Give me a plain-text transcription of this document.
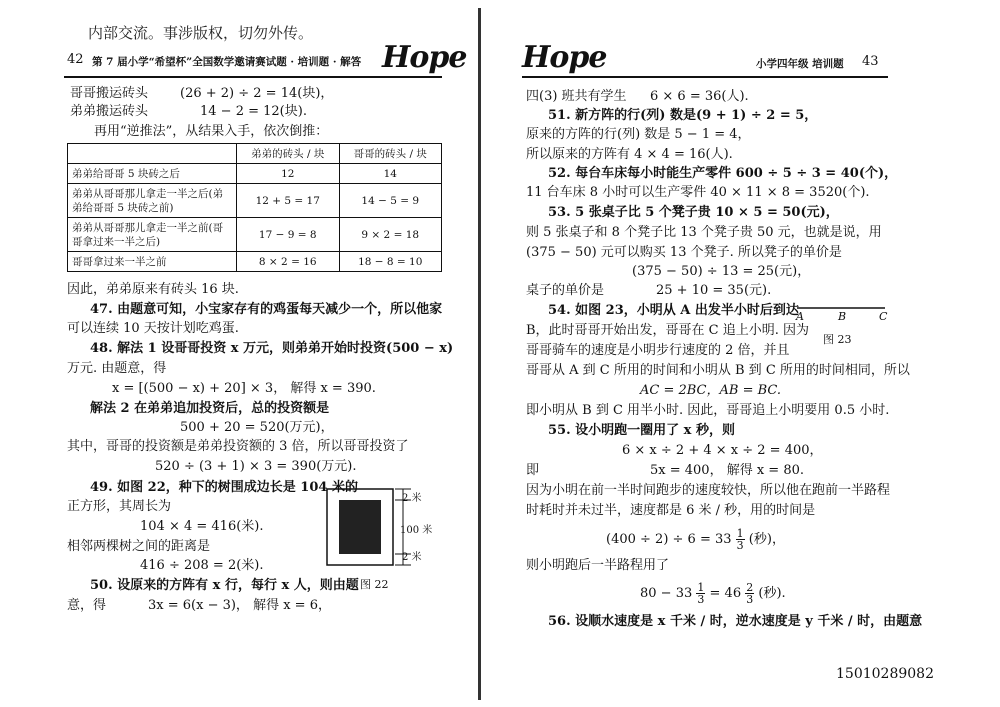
内部交流。事涉版权，切勿外传。
42 第 7 届小学“希望杯”全国数学邀请赛试题 · 培训题 · 解答 Hope
哥哥搬运砖头 (26 + 2) ÷ 2 = 14(块)，
弟弟搬运砖头	14 − 2 = 12(块).
再用“逆推法”，从结果入手，依次倒推：
	弟弟的砖头 / 块	哥哥的砖头 / 块
弟弟给哥哥 5 块砖之后	12	14
弟弟从哥哥那儿拿走一半之后(弟弟给哥哥 5 块砖之前)	12 + 5 = 17	14 − 5 = 9
弟弟从哥哥那儿拿走一半之前(哥哥拿过来一半之后)	17 − 9 = 8	9 × 2 = 18
哥哥拿过来一半之前	8 × 2 = 16	18 − 8 = 10
因此，弟弟原来有砖头 16 块.
47. 由题意可知，小宝家存有的鸡蛋每天减少一个，所以他家
可以连续 10 天按计划吃鸡蛋.
48. 解法 1 设哥哥投资 x 万元，则弟弟开始时投资(500 − x)
万元. 由题意，得
x = [(500 − x) + 20] × 3， 解得 x = 390.
解法 2 在弟弟追加投资后，总的投资额是
500 + 20 = 520(万元)，
其中，哥哥的投资额是弟弟投资额的 3 倍，所以哥哥投资了
520 ÷ (3 + 1) × 3 = 390(万元).
49. 如图 22，种下的树围成边长是 104 米的
正方形，其周长为
104 × 4 = 416(米).
相邻两棵树之间的距离是
416 ÷ 208 = 2(米).
50. 设原来的方阵有 x 行，每行 x 人，则由题
意，得	3x = 6(x − 3)， 解得 x = 6，
2 米
100 米
2 米
图 22
Hope	小学四年级 培训题 43
四(3) 班共有学生 6 × 6 = 36(人).
51. 新方阵的行(列) 数是(9 + 1) ÷ 2 = 5，
原来的方阵的行(列) 数是 5 − 1 = 4，
所以原来的方阵有 4 × 4 = 16(人).
52. 每台车床每小时能生产零件 600 ÷ 5 ÷ 3 = 40(个)，
11 台车床 8 小时可以生产零件 40 × 11 × 8 = 3520(个).
53. 5 张桌子比 5 个凳子贵 10 × 5 = 50(元)，
则 5 张桌子和 8 个凳子比 13 个凳子贵 50 元，也就是说，用
(375 − 50) 元可以购买 13 个凳子. 所以凳子的单价是
(375 − 50) ÷ 13 = 25(元)，
桌子的单价是	25 + 10 = 35(元).
54. 如图 23，小明从 A 出发半小时后到达
B，此时哥哥开始出发，哥哥在 C 追上小明. 因为
哥哥骑车的速度是小明步行速度的 2 倍，并且
A	B	C
图 23
哥哥从 A 到 C 所用的时间和小明从 B 到 C 所用的时间相同，所以
AC = 2BC，AB = BC.
即小明从 B 到 C 用半小时. 因此，哥哥追上小明要用 0.5 小时.
55. 设小明跑一圈用了 x 秒，则
6 × x ÷ 2 + 4 × x ÷ 2 = 400，
即	5x = 400， 解得 x = 80.
因为小明在前一半时间跑步的速度较快，所以他在跑前一半路程
时耗时并未过半，速度都是 6 米 / 秒，用的时间是
$(400 \div 2) \div 6 = 33 \frac{1}{3}$ (秒)，
则小明跑后一半路程用了
$80 - 33 \frac{1}{3} = 46 \frac{2}{3}$ (秒).
56. 设顺水速度是 x 千米 / 时，逆水速度是 y 千米 / 时，由题意
15010289082
